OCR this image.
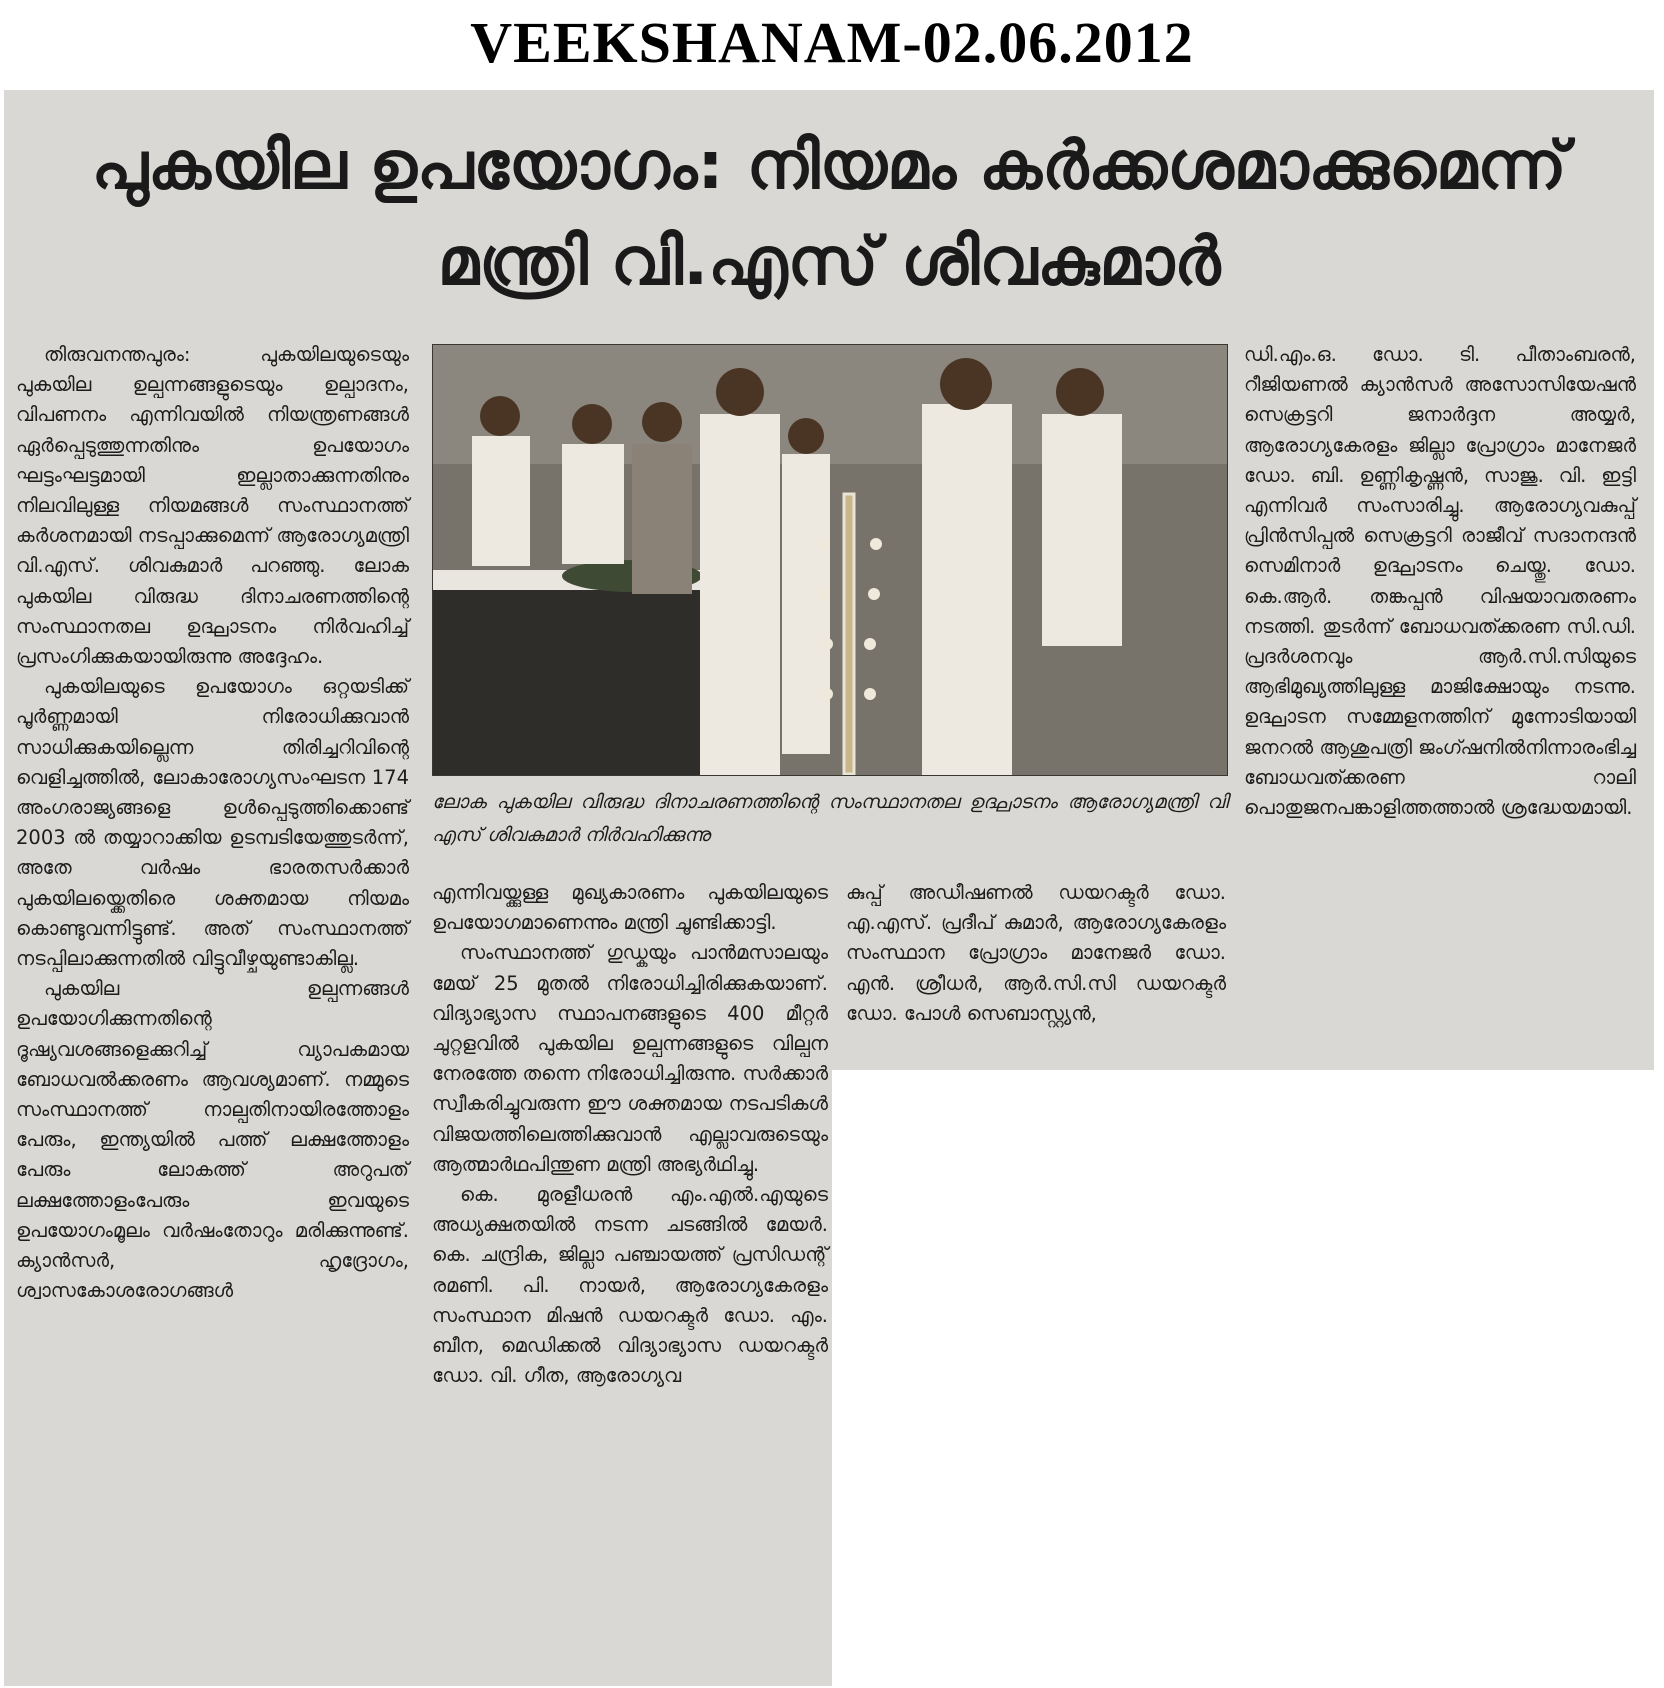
VEEKSHANAM-02.06.2012
പുകയില ഉപയോഗം: നിയമം കർക്കശമാക്കുമെന്ന്
മന്ത്രി വി.എസ് ശിവകുമാർ

തിരുവനന്തപുരം: പുകയിലയുടെയും പുകയില ഉല്പന്നങ്ങളുടെയും ഉല്പാദനം, വിപണനം എന്നിവയിൽ നിയന്ത്രണങ്ങൾ ഏർപ്പെടുത്തുന്നതിനും ഉപയോഗം ഘട്ടംഘട്ടമായി ഇല്ലാതാക്കുന്നതിനും നിലവിലുള്ള നിയമങ്ങൾ സംസ്ഥാനത്ത് കർശനമായി നടപ്പാക്കുമെന്ന് ആരോഗ്യമന്ത്രി വി.എസ്. ശിവകുമാർ പറഞ്ഞു. ലോക പുകയില വിരുദ്ധ ദിനാചരണത്തിന്റെ സംസ്ഥാനതല ഉദ്ഘാടനം നിർവഹിച്ച് പ്രസംഗിക്കുകയായിരുന്നു അദ്ദേഹം.

പുകയിലയുടെ ഉപയോഗം ഒറ്റയടിക്ക് പൂർണ്ണമായി നിരോധിക്കുവാൻ സാധിക്കുകയില്ലെന്ന തിരിച്ചറിവിന്റെ വെളിച്ചത്തിൽ, ലോകാരോഗ്യസംഘടന 174 അംഗരാജ്യങ്ങളെ ഉൾപ്പെടുത്തിക്കൊണ്ട് 2003 ൽ തയ്യാറാക്കിയ ഉടമ്പടിയേത്തുടർന്ന്, അതേ വർഷം ഭാരതസർക്കാർ പുകയിലയ്ക്കെതിരെ ശക്തമായ നിയമം കൊണ്ടുവന്നിട്ടുണ്ട്. അത് സംസ്ഥാനത്ത് നടപ്പിലാക്കുന്നതിൽ വിട്ടുവീഴ്ചയുണ്ടാകില്ല.

പുകയില ഉല്പന്നങ്ങൾ ഉപയോഗിക്കുന്നതിന്റെ ദൂഷ്യവശങ്ങളെക്കുറിച്ച് വ്യാപകമായ ബോധവൽക്കരണം ആവശ്യമാണ്. നമ്മുടെ സംസ്ഥാനത്ത് നാല്പതിനായിരത്തോളം പേരും, ഇന്ത്യയിൽ പത്ത് ലക്ഷത്തോളം പേരും ലോകത്ത് അറുപത് ലക്ഷത്തോളംപേരും ഇവയുടെ ഉപയോഗംമൂലം വർഷംതോറും മരിക്കുന്നുണ്ട്. ക്യാൻസർ, ഹൃദ്രോഗം, ശ്വാസകോശരോഗങ്ങൾ

ലോക പുകയില വിരുദ്ധ ദിനാചരണത്തിന്റെ സംസ്ഥാനതല ഉദ്ഘാടനം ആരോഗ്യമന്ത്രി വി എസ് ശിവകുമാർ നിർവഹിക്കുന്നു

എന്നിവയ്ക്കുള്ള മുഖ്യകാരണം പുകയിലയുടെ ഉപയോഗമാണെന്നും മന്ത്രി ചൂണ്ടിക്കാട്ടി.

സംസ്ഥാനത്ത് ഗുഡ്കയും പാൻമസാലയും മേയ് 25 മുതൽ നിരോധിച്ചിരിക്കുകയാണ്. വിദ്യാഭ്യാസ സ്ഥാപനങ്ങളുടെ 400 മീറ്റർ ചുറ്റളവിൽ പുകയില ഉല്പന്നങ്ങളുടെ വില്പന നേരത്തേ തന്നെ നിരോധിച്ചിരുന്നു. സർക്കാർ സ്വീകരിച്ചുവരുന്ന ഈ ശക്തമായ നടപടികൾ വിജയത്തിലെത്തിക്കുവാൻ എല്ലാവരുടെയും ആത്മാർഥപിന്തുണ മന്ത്രി അഭ്യർഥിച്ചു.

കെ. മുരളീധരൻ എം.എൽ.എയുടെ അധ്യക്ഷതയിൽ നടന്ന ചടങ്ങിൽ മേയർ. കെ. ചന്ദ്രിക, ജില്ലാ പഞ്ചായത്ത് പ്രസിഡന്റ് രമണി. പി. നായർ, ആരോഗ്യകേരളം സംസ്ഥാന മിഷൻ ഡയറക്ടർ ഡോ. എം. ബീന, മെഡിക്കൽ വിദ്യാഭ്യാസ ഡയറക്ടർ ഡോ. വി. ഗീത, ആരോഗ്യവ

കുപ്പ് അഡീഷണൽ ഡയറക്ടർ ഡോ. എ.എസ്. പ്രദീപ് കുമാർ, ആരോഗ്യകേരളം സംസ്ഥാന പ്രോഗ്രാം മാനേജർ ഡോ. എൻ. ശ്രീധർ, ആർ.സി.സി ഡയറക്ടർ ഡോ. പോൾ സെബാസ്റ്റ്യൻ,

ഡി.എം.ഒ. ഡോ. ടി. പീതാംബരൻ, റീജിയണൽ ക്യാൻസർ അസോസിയേഷൻ സെക്രട്ടറി ജനാർദ്ദന അയ്യർ, ആരോഗ്യകേരളം ജില്ലാ പ്രോഗ്രാം മാനേജർ ഡോ. ബി. ഉണ്ണികൃഷ്ണൻ, സാജു. വി. ഇട്ടി എന്നിവർ സംസാരിച്ചു. ആരോഗ്യവകുപ്പ് പ്രിൻസിപ്പൽ സെക്രട്ടറി രാജീവ് സദാനന്ദൻ സെമിനാർ ഉദ്ഘാടനം ചെയ്തു. ഡോ. കെ.ആർ. തങ്കപ്പൻ വിഷയാവതരണം നടത്തി. തുടർന്ന് ബോധവത്ക്കരണ സി.ഡി. പ്രദർശനവും ആർ.സി.സിയുടെ ആഭിമുഖ്യത്തിലുള്ള മാജിക്ഷോയും നടന്നു. ഉദ്ഘാടന സമ്മേളനത്തിന് മുന്നോടിയായി ജനറൽ ആശുപത്രി ജംഗ്ഷനിൽനിന്നാരംഭിച്ച ബോധവത്ക്കരണ റാലി പൊതുജനപങ്കാളിത്തത്താൽ ശ്രദ്ധേയമായി.
